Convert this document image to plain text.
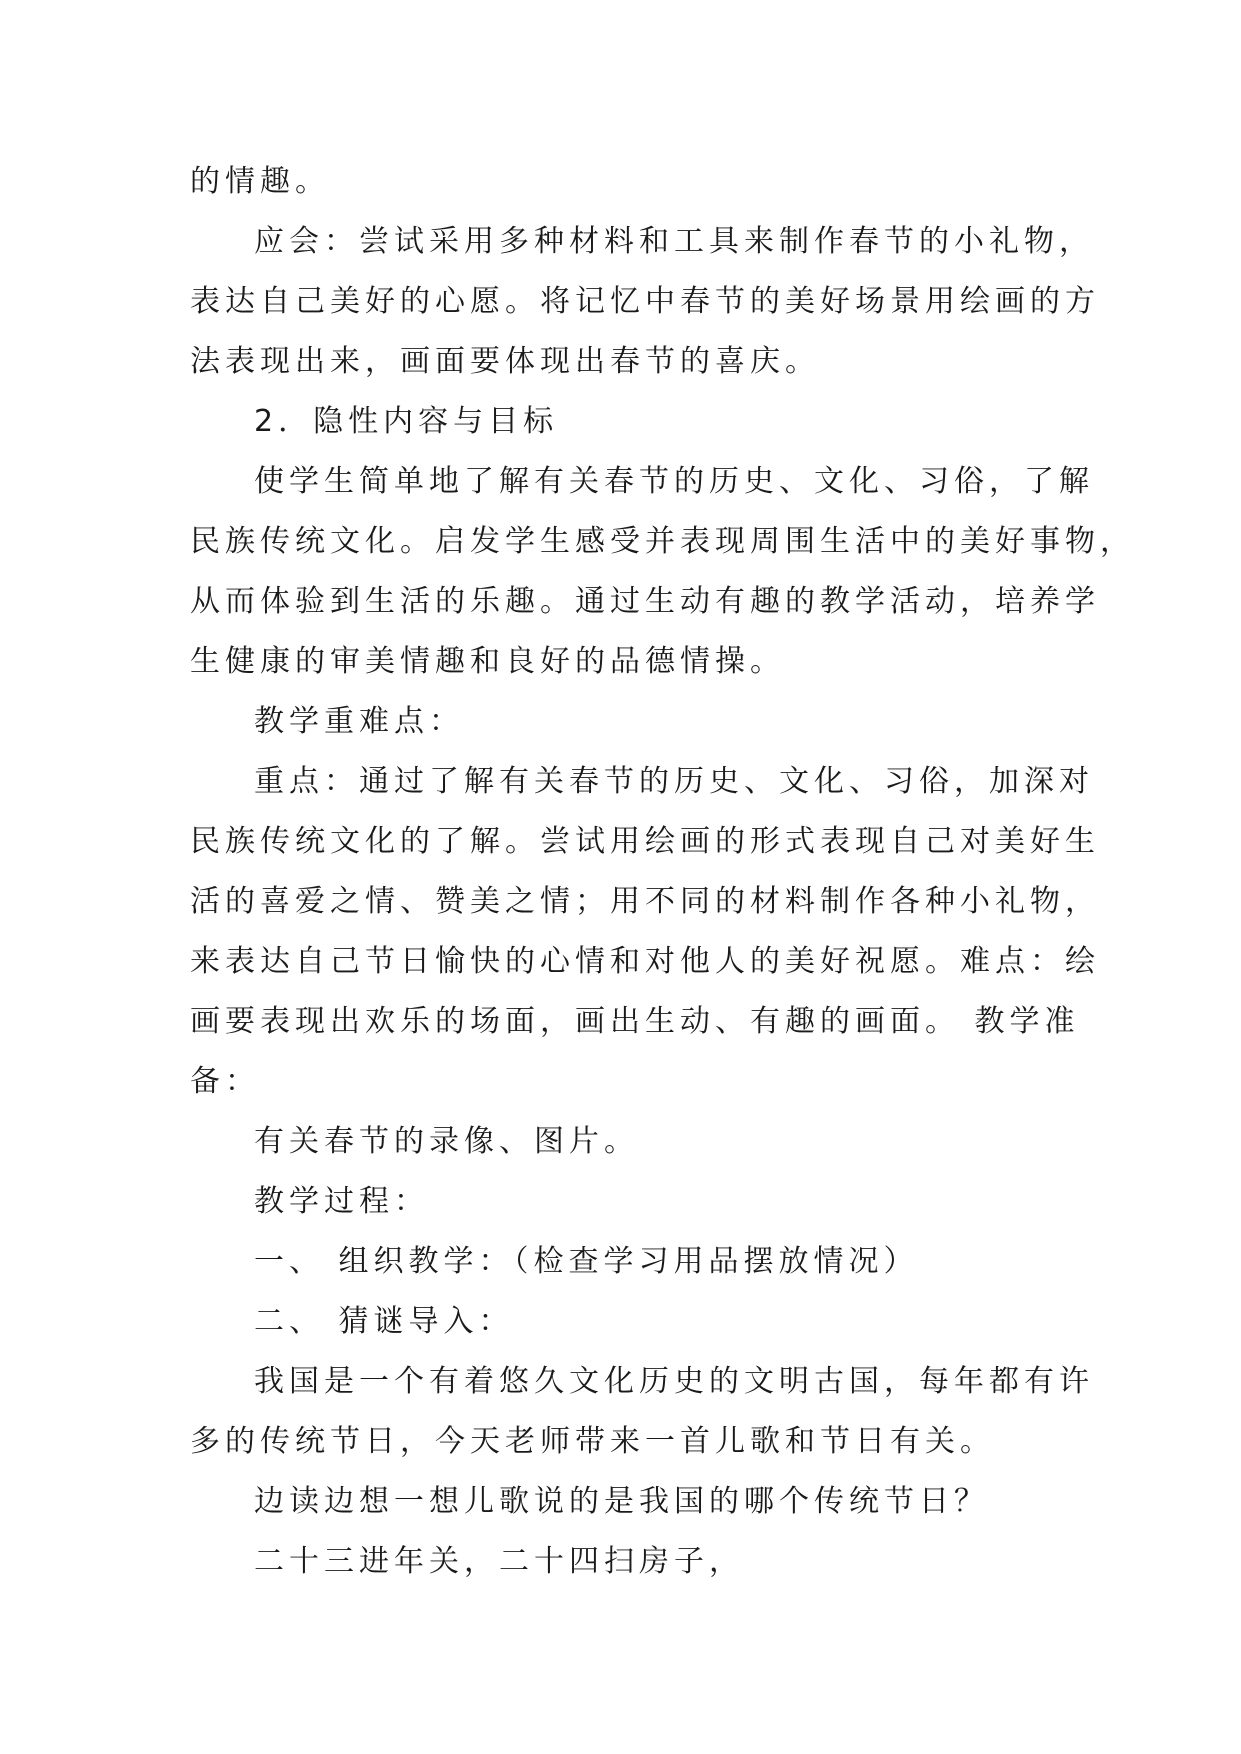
的情趣。
应会：尝试采用多种材料和工具来制作春节的小礼物，
表达自己美好的心愿。将记忆中春节的美好场景用绘画的方
法表现出来，画面要体现出春节的喜庆。
2．隐性内容与目标
使学生简单地了解有关春节的历史、文化、习俗，了解
民族传统文化。启发学生感受并表现周围生活中的美好事物，
从而体验到生活的乐趣。通过生动有趣的教学活动，培养学
生健康的审美情趣和良好的品德情操。
教学重难点：
重点：通过了解有关春节的历史、文化、习俗，加深对
民族传统文化的了解。尝试用绘画的形式表现自己对美好生
活的喜爱之情、赞美之情；用不同的材料制作各种小礼物，
来表达自己节日愉快的心情和对他人的美好祝愿。难点：绘
画要表现出欢乐的场面，画出生动、有趣的画面。 教学准
备：
有关春节的录像、图片。
教学过程：
一、 组织教学：（检查学习用品摆放情况）
二、 猜谜导入：
我国是一个有着悠久文化历史的文明古国，每年都有许
多的传统节日，今天老师带来一首儿歌和节日有关。
边读边想一想儿歌说的是我国的哪个传统节日？
二十三进年关，二十四扫房子，
